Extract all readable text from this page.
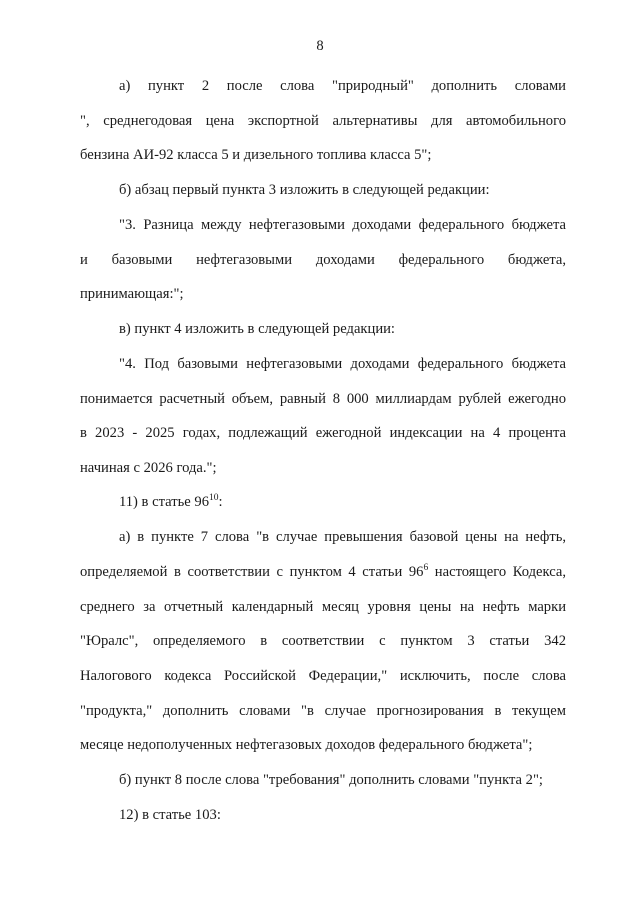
8
а) пункт 2 после слова "природный" дополнить словами
", среднегодовая цена экспортной альтернативы для автомобильного
бензина АИ-92 класса 5 и дизельного топлива класса 5";
б) абзац первый пункта 3 изложить в следующей редакции:
"3. Разница между нефтегазовыми доходами федерального бюджета
и базовыми нефтегазовыми доходами федерального бюджета,
принимающая:";
в) пункт 4 изложить в следующей редакции:
"4. Под базовыми нефтегазовыми доходами федерального бюджета
понимается расчетный объем, равный 8 000 миллиардам рублей ежегодно
в 2023 - 2025 годах, подлежащий ежегодной индексации на 4 процента
начиная с 2026 года.";
11) в статье $96^{10}$:
а) в пункте 7 слова "в случае превышения базовой цены на нефть,
определяемой в соответствии с пунктом 4 статьи $96^6$ настоящего Кодекса,
среднего за отчетный календарный месяц уровня цены на нефть марки
"Юралс", определяемого в соответствии с пунктом 3 статьи 342
Налогового кодекса Российской Федерации," исключить, после слова
"продукта," дополнить словами "в случае прогнозирования в текущем
месяце недополученных нефтегазовых доходов федерального бюджета";
б) пункт 8 после слова "требования" дополнить словами "пункта 2";
12) в статье 103:
